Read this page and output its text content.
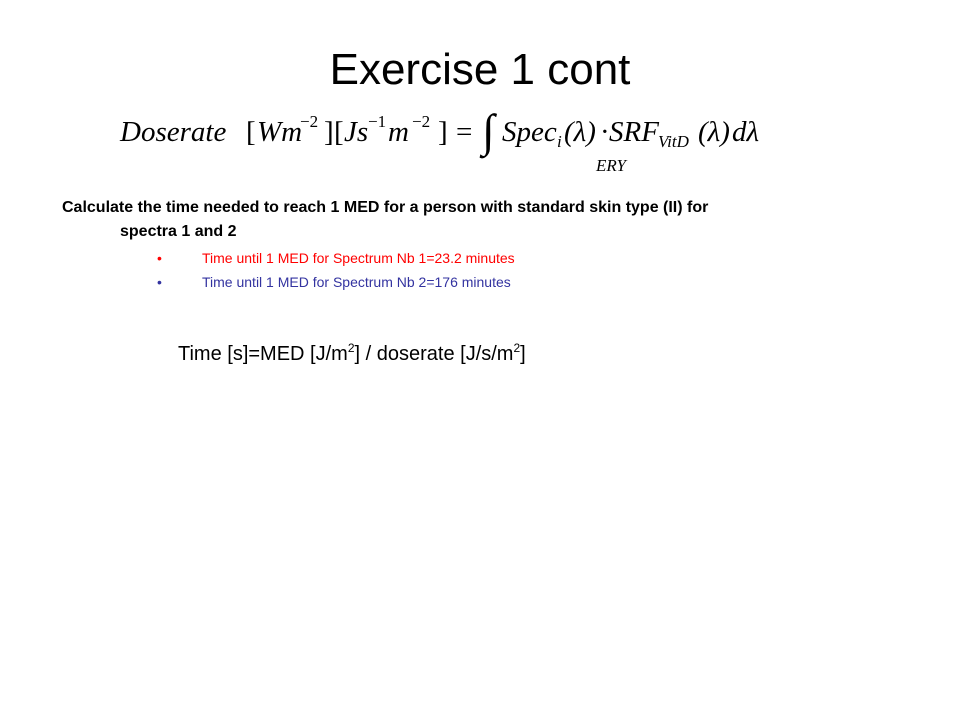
Exercise 1 cont
Doserate [ Wm
−2 ] [ Js −1 m −2 ] = ∫ Spec i (λ) · SRF VitD
ERY
(λ) dλ
Calculate the time needed to reach 1 MED for a person with standard skin type (II) for
spectra 1 and 2
•	Time until 1 MED for Spectrum Nb 1=23.2 minutes
•	Time until 1 MED for Spectrum Nb 2=176 minutes
Time [s]=MED $[J/m^2]$ / doserate $[J/s/m^2]$
